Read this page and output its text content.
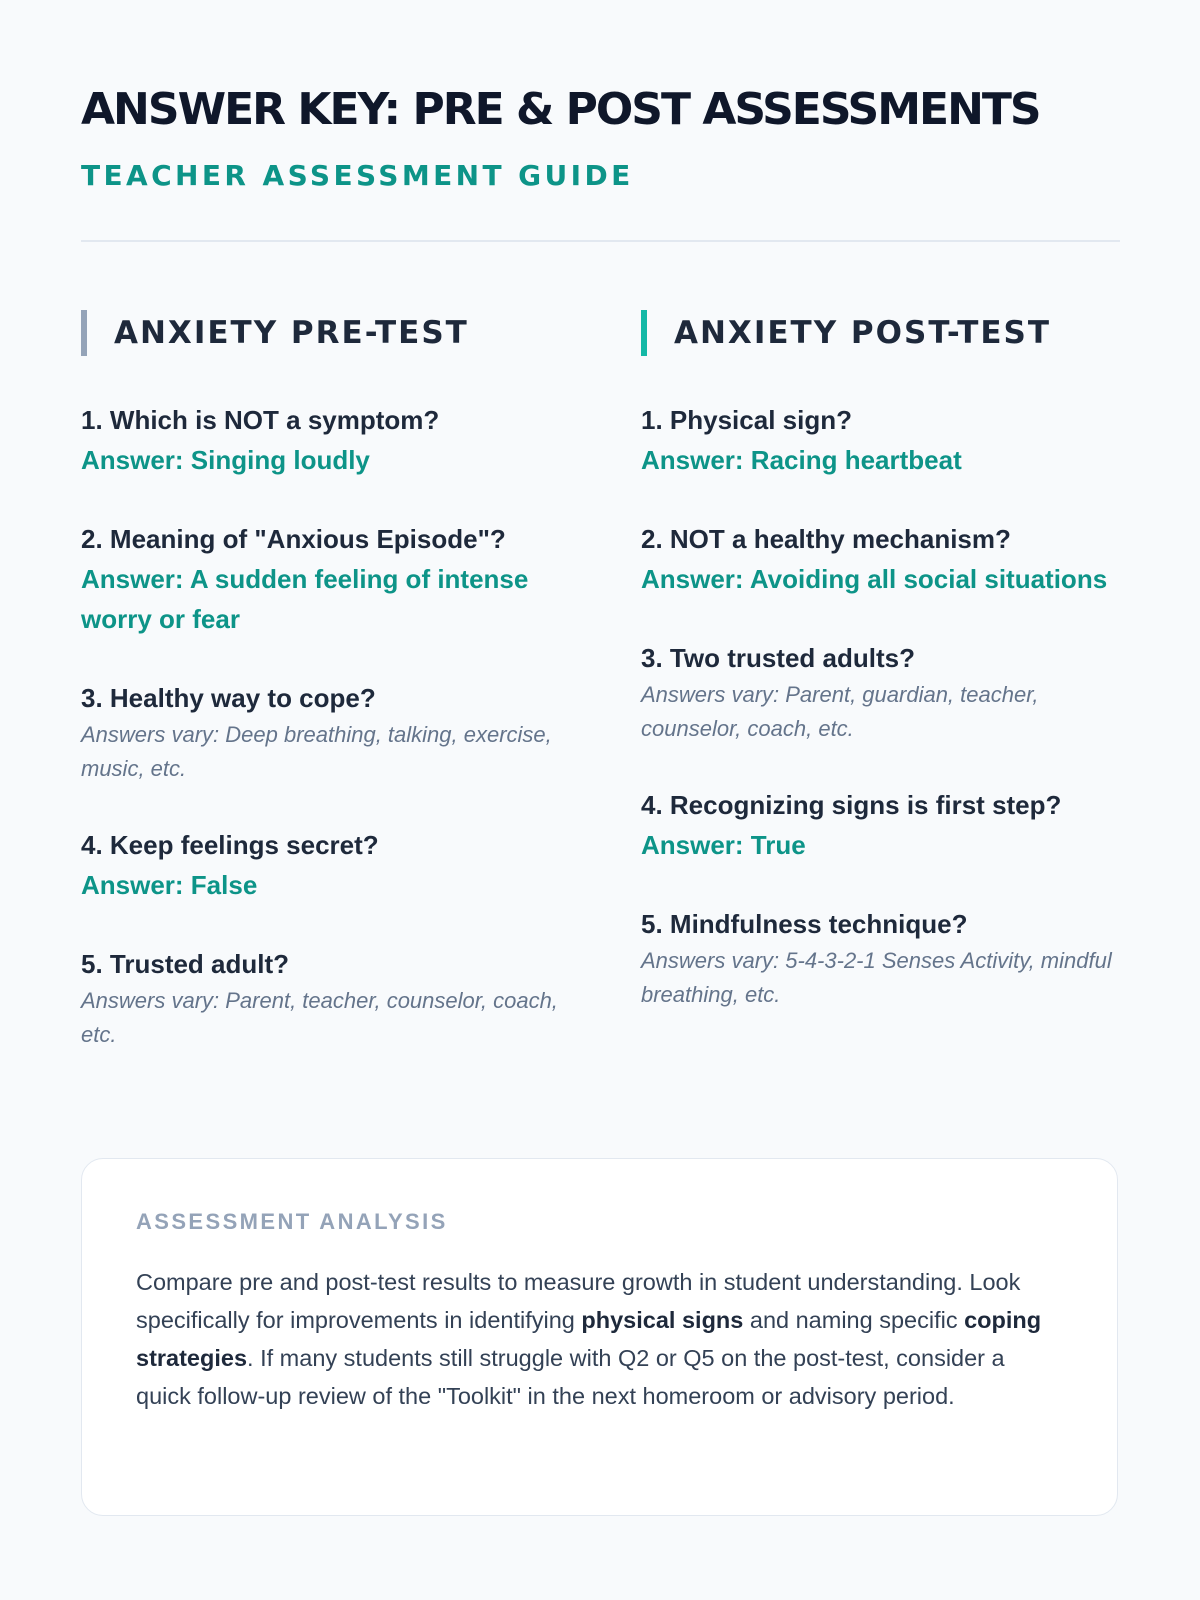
ANSWER KEY: PRE & POST ASSESSMENTS
TEACHER ASSESSMENT GUIDE
ANXIETY PRE-TEST
1. Which is NOT a symptom?
Answer: Singing loudly
2. Meaning of "Anxious Episode"?
Answer: A sudden feeling of intense worry or fear
3. Healthy way to cope?
Answers vary: Deep breathing, talking, exercise, music, etc.
4. Keep feelings secret?
Answer: False
5. Trusted adult?
Answers vary: Parent, teacher, counselor, coach, etc.
ANXIETY POST-TEST
1. Physical sign?
Answer: Racing heartbeat
2. NOT a healthy mechanism?
Answer: Avoiding all social situations
3. Two trusted adults?
Answers vary: Parent, guardian, teacher, counselor, coach, etc.
4. Recognizing signs is first step?
Answer: True
5. Mindfulness technique?
Answers vary: 5-4-3-2-1 Senses Activity, mindful breathing, etc.
ASSESSMENT ANALYSIS

Compare pre and post-test results to measure growth in student understanding. Look specifically for improvements in identifying physical signs and naming specific coping strategies. If many students still struggle with Q2 or Q5 on the post-test, consider a quick follow-up review of the "Toolkit" in the next homeroom or advisory period.
